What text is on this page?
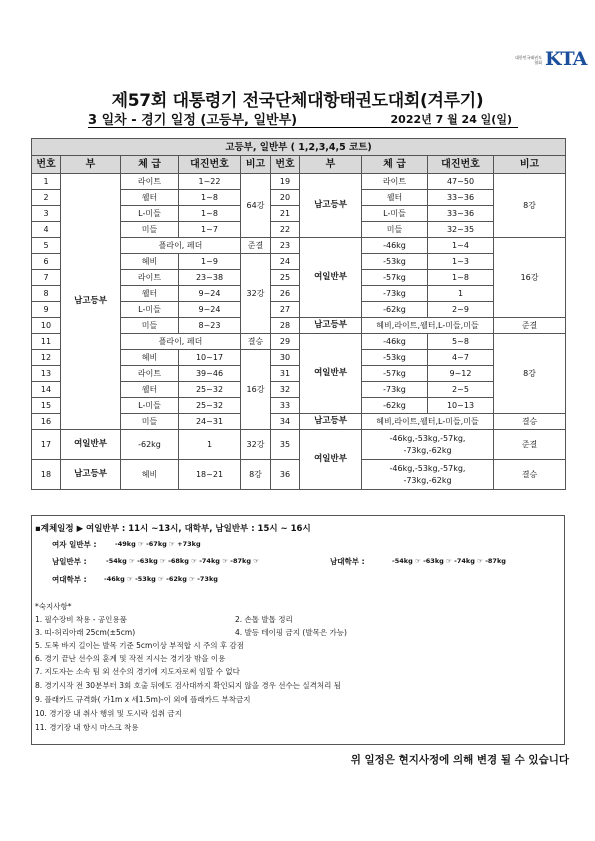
대한민국태권도협회 KTA
제57회 대통령기 전국단체대항태권도대회(겨루기)
3 일차 - 경기 일정 (고등부, 일반부)	2022년 7 월 24 일(일)
고등부, 일반부 ( 1,2,3,4,5 코트)									
번호	부	체 급	대진번호	비고	번호	부	체 급	대진번호	비고
1	남고등부	라이트	1~22	64강	19	남고등부	라이트	47~50	8강
2		웰터	1~8		20		웰터	33~36	
3		L-미들	1~8		21		L-미들	33~36	
4		미들	1~7		22		미들	32~35	
5		플라이, 페더		준결	23	여일반부	-46kg	1~4	16강
6		헤비	1~9	32강	24		-53kg	1~3	
7		라이트	23~38		25		-57kg	1~8	
8		웰터	9~24		26		-73kg	1	
9		L-미들	9~24		27		-62kg	2~9	
10		미들	8~23		28	남고등부	헤비,라이트,웰터,L-미들,미들		준결
11		플라이, 페더		결승	29	여일반부	-46kg	5~8	8강
12		헤비	10~17	16강	30		-53kg	4~7	
13		라이트	39~46		31		-57kg	9~12	
14		웰터	25~32		32		-73kg	2~5	
15		L-미들	25~32		33		-62kg	10~13	
16		미들	24~31		34	남고등부	헤비,라이트,웰터,L-미들,미들		결승
17	여일반부	-62kg	1	32강	35	여일반부	-46kg,-53kg,-57kg,
-73kg,-62kg		준결
18	남고등부	헤비	18~21	8강	36		-46kg,-53kg,-57kg,
-73kg,-62kg		결승
▪계체일정 ▶ 여일반부 : 11시 ~13시, 대학부, 남일반부 : 15시 ~ 16시
여자 일반부 :	-49kg ☞ -67kg ☞ +73kg
남일반부 :	-54kg ☞ -63kg ☞ -68kg ☞ -74kg ☞ -87kg ☞	남대학부 :	-54kg ☞ -63kg ☞ -74kg ☞ -87kg
여대학부 :	-46kg ☞ -53kg ☞ -62kg ☞ -73kg
*숙지사항*
1. 필수장비 착용 - 공인용품	2. 손톱 발톱 정리
3. 띠-허리아래 25cm(±5cm)	4. 발등 테이핑 금지 (발목은 가능)
5. 도복 바지 길이는 발목 기준 5cm이상 부적합 시 주의 후 감점
6. 경기 끝난 선수의 훈계 및 작전 지시는 경기장 밖을 이용
7. 지도자는 소속 팀 외 선수의 경기에 지도자로써 임할 수 없다
8. 경기시작 전 30분부터 3회 호출 뒤에도 검사대까지 확인되지 않을 경우 선수는 실격처리 됨
9. 플래카드 규격화( 가1m x 세1.5m)-이 외에 플래카드 부착금지
10. 경기장 내 취사 행위 및 도시락 섭취 금지
11. 경기장 내 항시 마스크 착용
위 일정은 현지사정에 의해 변경 될 수 있습니다
